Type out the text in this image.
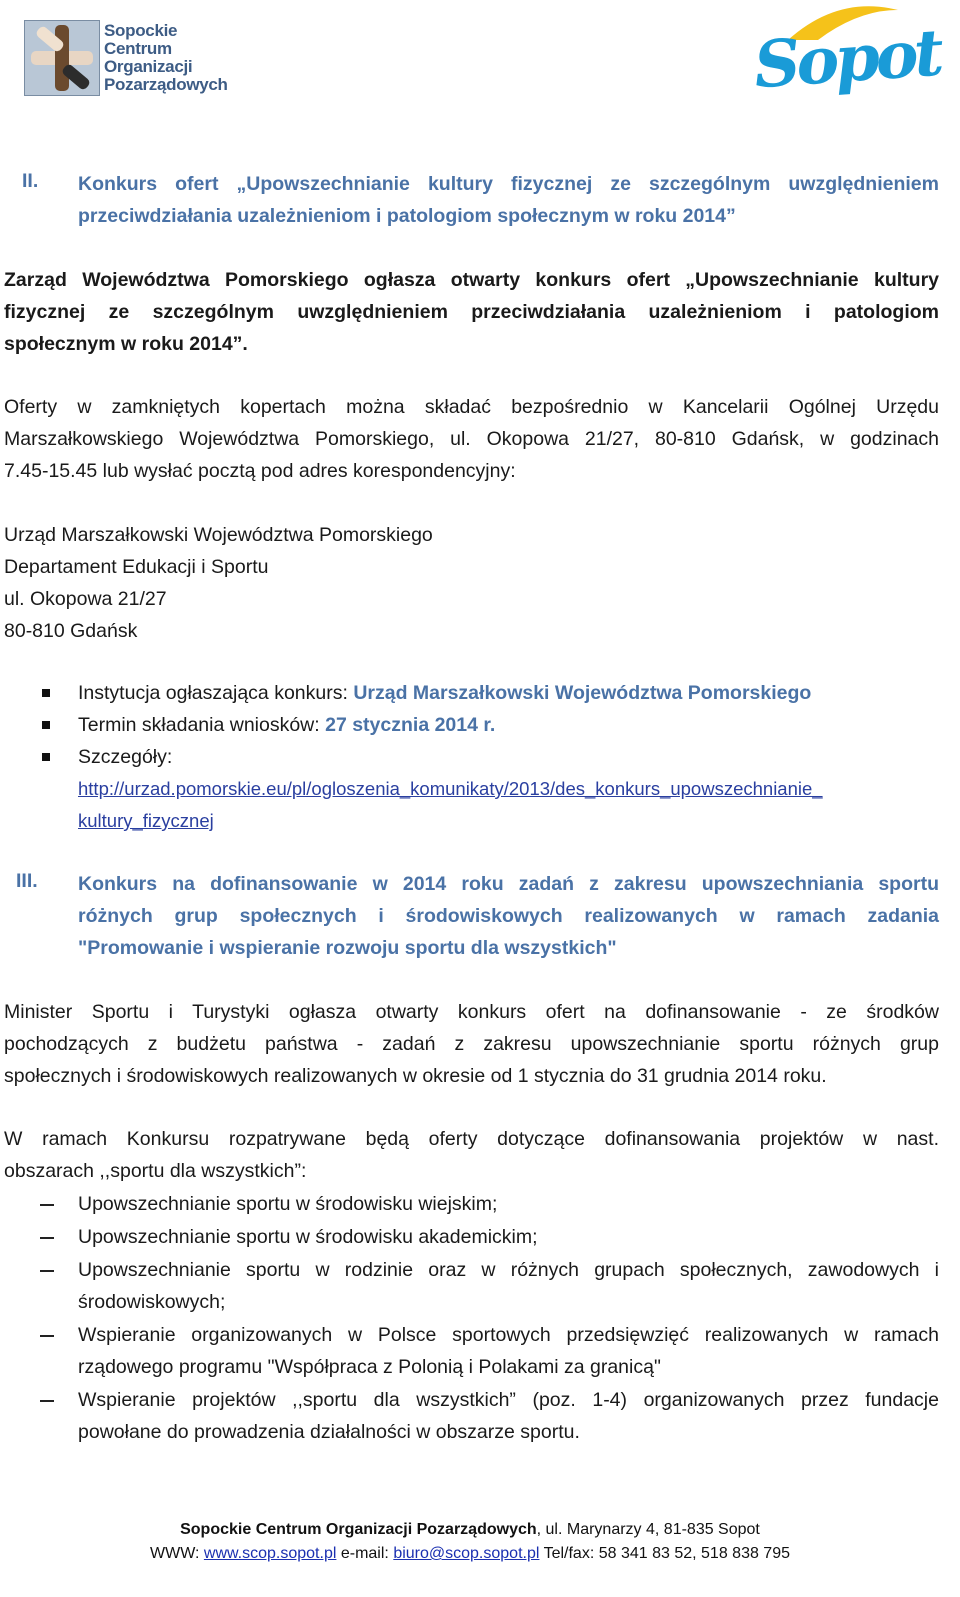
Sopockie
Centrum
Organizacji
Pozarządowych	Sopot
II. Konkurs ofert „Upowszechnianie kultury fizycznej ze szczególnym uwzględnieniem
przeciwdziałania uzależnieniom i patologiom społecznym w roku 2014”
Zarząd Województwa Pomorskiego ogłasza otwarty konkurs ofert „Upowszechnianie kultury
fizycznej ze szczególnym uwzględnieniem przeciwdziałania uzależnieniom i patologiom
społecznym w roku 2014”.
Oferty w zamkniętych kopertach można składać bezpośrednio w Kancelarii Ogólnej Urzędu
Marszałkowskiego Województwa Pomorskiego, ul. Okopowa 21/27, 80-810 Gdańsk, w godzinach
7.45-15.45 lub wysłać pocztą pod adres korespondencyjny:
Urząd Marszałkowski Województwa Pomorskiego
Departament Edukacji i Sportu
ul. Okopowa 21/27
80-810 Gdańsk
Instytucja ogłaszająca konkurs: Urząd Marszałkowski Województwa Pomorskiego
Termin składania wniosków: 27 stycznia 2014 r.
Szczegóły:
http://urzad.pomorskie.eu/pl/ogloszenia_komunikaty/2013/des_konkurs_upowszechnianie_
kultury_fizycznej
III. Konkurs na dofinansowanie w 2014 roku zadań z zakresu upowszechniania sportu
różnych grup społecznych i środowiskowych realizowanych w ramach zadania
"Promowanie i wspieranie rozwoju sportu dla wszystkich"
Minister Sportu i Turystyki ogłasza otwarty konkurs ofert na dofinansowanie - ze środków
pochodzących z budżetu państwa - zadań z zakresu upowszechnianie sportu różnych grup
społecznych i środowiskowych realizowanych w okresie od 1 stycznia do 31 grudnia 2014 roku.
W ramach Konkursu rozpatrywane będą oferty dotyczące dofinansowania projektów w nast.
obszarach ,,sportu dla wszystkich”:
Upowszechnianie sportu w środowisku wiejskim;
Upowszechnianie sportu w środowisku akademickim;
Upowszechnianie sportu w rodzinie oraz w różnych grupach społecznych, zawodowych i
środowiskowych;
Wspieranie organizowanych w Polsce sportowych przedsięwzięć realizowanych w ramach
rządowego programu "Współpraca z Polonią i Polakami za granicą"
Wspieranie projektów ,,sportu dla wszystkich” (poz. 1-4) organizowanych przez fundacje
powołane do prowadzenia działalności w obszarze sportu.
Sopockie Centrum Organizacji Pozarządowych, ul. Marynarzy 4, 81-835 Sopot
WWW: www.scop.sopot.pl e-mail: biuro@scop.sopot.pl Tel/fax: 58 341 83 52, 518 838 795
